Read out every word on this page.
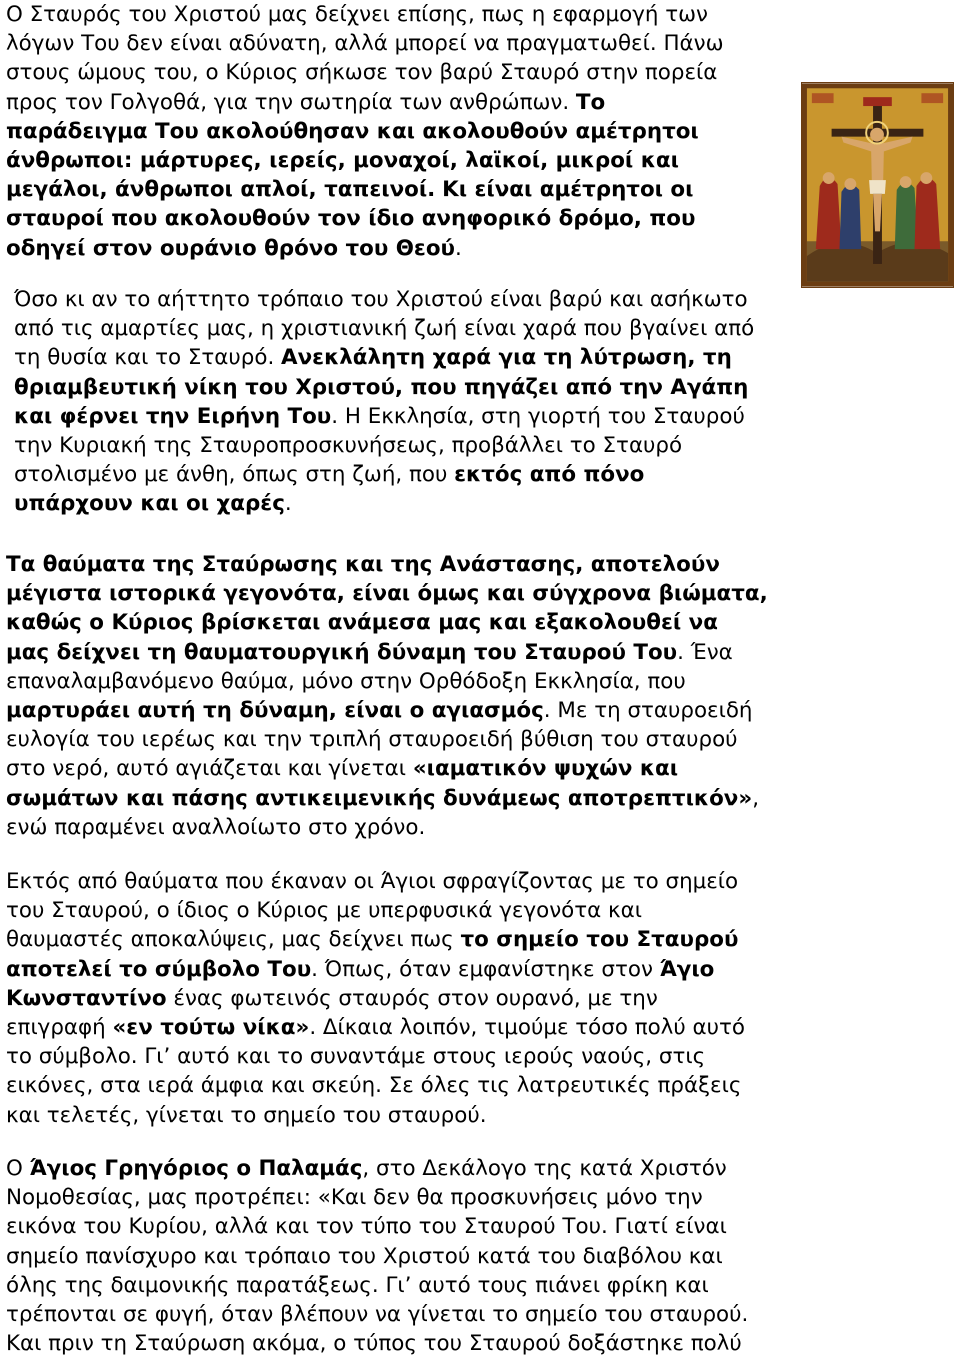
Ο Σταυρός του Χριστού μας δείχνει επίσης, πως η εφαρμογή των
λόγων Του δεν είναι αδύνατη, αλλά μπορεί να πραγματωθεί. Πάνω
στους ώμους του, ο Κύριος σήκωσε τον βαρύ Σταυρό στην πορεία
προς τον Γολγοθά, για την σωτηρία των ανθρώπων. Το
παράδειγμα Του ακολούθησαν και ακολουθούν αμέτρητοι
άνθρωποι: μάρτυρες, ιερείς, μοναχοί, λαϊκοί, μικροί και
μεγάλοι, άνθρωποι απλοί, ταπεινοί. Κι είναι αμέτρητοι οι
σταυροί που ακολουθούν τον ίδιο ανηφορικό δρόμο, που
οδηγεί στον ουράνιο θρόνο του Θεού.
Όσο κι αν το αήττητο τρόπαιο του Χριστού είναι βαρύ και ασήκωτο
από τις αμαρτίες μας, η χριστιανική ζωή είναι χαρά που βγαίνει από
τη θυσία και το Σταυρό. Ανεκλάλητη χαρά για τη λύτρωση, τη
θριαμβευτική νίκη του Χριστού, που πηγάζει από την Αγάπη
και φέρνει την Ειρήνη Του. Η Εκκλησία, στη γιορτή του Σταυρού
την Κυριακή της Σταυροπροσκυνήσεως, προβάλλει το Σταυρό
στολισμένο με άνθη, όπως στη ζωή, που εκτός από πόνο
υπάρχουν και οι χαρές.
Τα θαύματα της Σταύρωσης και της Ανάστασης, αποτελούν
μέγιστα ιστορικά γεγονότα, είναι όμως και σύγχρονα βιώματα,
καθώς ο Κύριος βρίσκεται ανάμεσα μας και εξακολουθεί να
μας δείχνει τη θαυματουργική δύναμη του Σταυρού Του. Ένα
επαναλαμβανόμενο θαύμα, μόνο στην Ορθόδοξη Εκκλησία, που
μαρτυράει αυτή τη δύναμη, είναι ο αγιασμός. Με τη σταυροειδή
ευλογία του ιερέως και την τριπλή σταυροειδή βύθιση του σταυρού
στο νερό, αυτό αγιάζεται και γίνεται «ιαματικόν ψυχών και
σωμάτων και πάσης αντικειμενικής δυνάμεως αποτρεπτικόν»,
ενώ παραμένει αναλλοίωτο στο χρόνο.
Εκτός από θαύματα που έκαναν οι Άγιοι σφραγίζοντας με το σημείο
του Σταυρού, ο ίδιος ο Κύριος με υπερφυσικά γεγονότα και
θαυμαστές αποκαλύψεις, μας δείχνει πως το σημείο του Σταυρού
αποτελεί το σύμβολο Του. Όπως, όταν εμφανίστηκε στον Άγιο
Κωνσταντίνο ένας φωτεινός σταυρός στον ουρανό, με την
επιγραφή «εν τούτω νίκα». Δίκαια λοιπόν, τιμούμε τόσο πολύ αυτό
το σύμβολο. Γι’ αυτό και το συναντάμε στους ιερούς ναούς, στις
εικόνες, στα ιερά άμφια και σκεύη. Σε όλες τις λατρευτικές πράξεις
και τελετές, γίνεται το σημείο του σταυρού.
Ο Άγιος Γρηγόριος ο Παλαμάς, στο Δεκάλογο της κατά Χριστόν
Νομοθεσίας, μας προτρέπει: «Και δεν θα προσκυνήσεις μόνο την
εικόνα του Κυρίου, αλλά και τον τύπο του Σταυρού Του. Γιατί είναι
σημείο πανίσχυρο και τρόπαιο του Χριστού κατά του διαβόλου και
όλης της δαιμονικής παρατάξεως. Γι’ αυτό τους πιάνει φρίκη και
τρέπονται σε φυγή, όταν βλέπουν να γίνεται το σημείο του σταυρού.
Και πριν τη Σταύρωση ακόμα, ο τύπος του Σταυρού δοξάστηκε πολύ
